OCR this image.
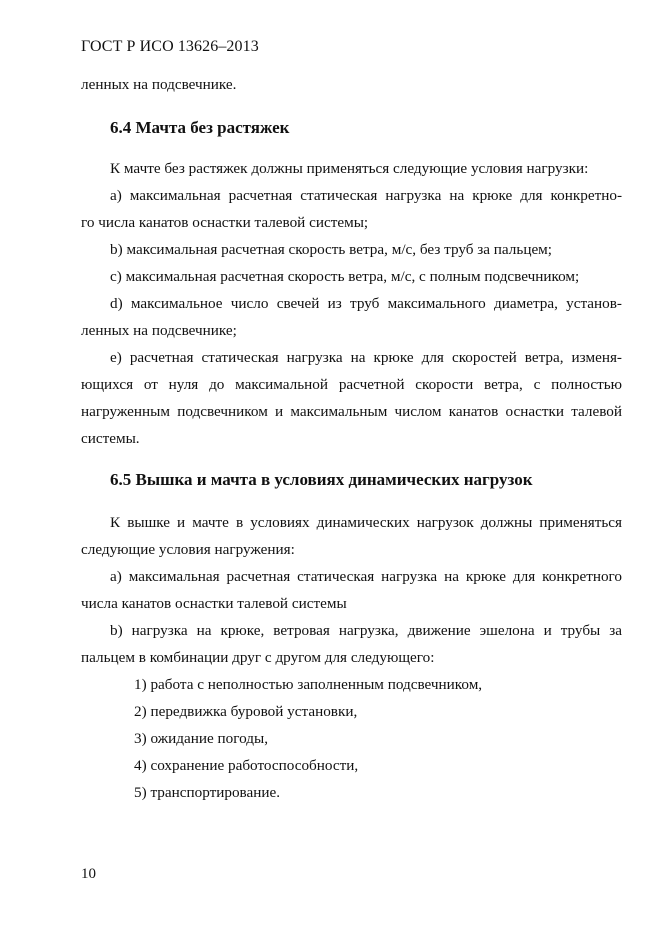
ГОСТ Р ИСО 13626–2013
ленных на подсвечнике.
6.4 Мачта без растяжек
К мачте без растяжек должны применяться следующие условия нагрузки:
a) максимальная расчетная статическая нагрузка на крюке для конкретно-
го числа канатов оснастки талевой системы;
b) максимальная расчетная скорость ветра, м/с, без труб за пальцем;
c) максимальная расчетная скорость ветра, м/с, с полным подсвечником;
d) максимальное число свечей из труб максимального диаметра, установ-
ленных на подсвечнике;
e) расчетная статическая нагрузка на крюке для скоростей ветра, изменя-
ющихся от нуля до максимальной расчетной скорости ветра, с полностью
нагруженным подсвечником и максимальным числом канатов оснастки талевой
системы.
6.5 Вышка и мачта в условиях динамических нагрузок
К вышке и мачте в условиях динамических нагрузок должны применяться
следующие условия нагружения:
a) максимальная расчетная статическая нагрузка на крюке для конкретного
числа канатов оснастки талевой системы
b) нагрузка на крюке, ветровая нагрузка, движение эшелона и трубы за
пальцем в комбинации друг с другом для следующего:
1) работа с неполностью заполненным подсвечником,
2) передвижка буровой установки,
3) ожидание погоды,
4) сохранение работоспособности,
5) транспортирование.
10
